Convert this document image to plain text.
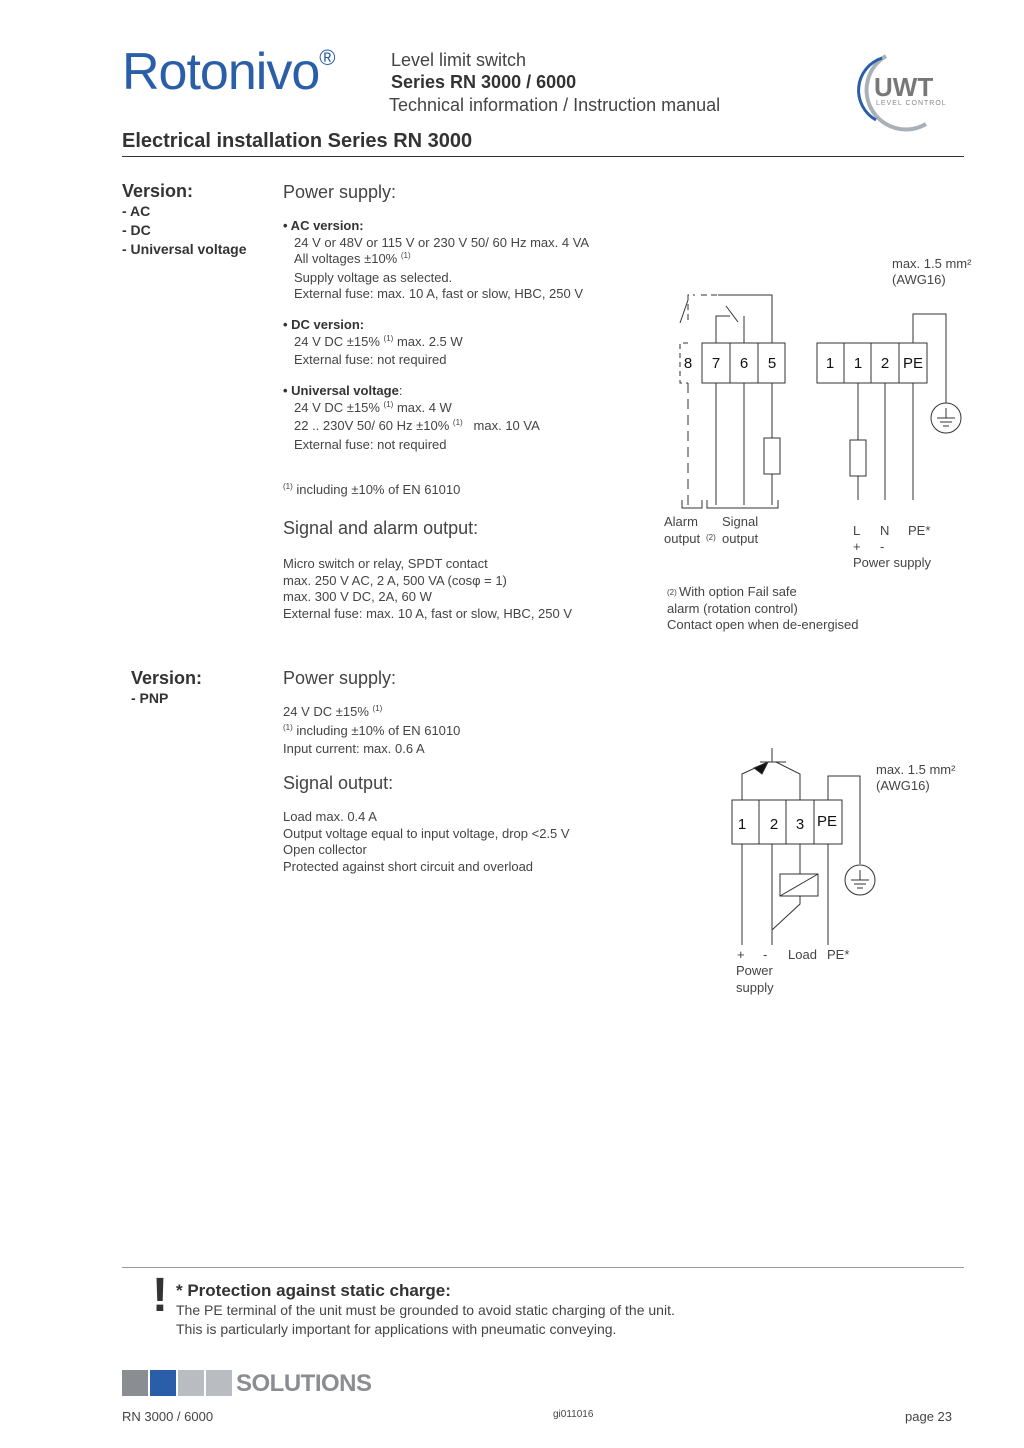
Rotonivo®	Level limit switch
Series RN 3000 / 6000
Technical information / Instruction manual
UWT
LEVEL CONTROL
Electrical installation Series RN 3000
Version:
- AC
- DC
- Universal voltage
Power supply:
• AC version:
24 V or 48V or 115 V or 230 V 50/ 60 Hz max. 4 VA
All voltages ±10% $^{(1)}$
Supply voltage as selected.
External fuse: max. 10 A, fast or slow, HBC, 250 V
• DC version:
24 V DC ±15% $^{(1)}$ max. 2.5 W
External fuse: not required
• Universal voltage:
24 V DC ±15% $^{(1)}$ max. 4 W
22 .. 230V 50/ 60 Hz ±10% $^{(1)}$ max. 10 VA
External fuse: not required
$^{(1)}$ including ±10% of EN 61010
Signal and alarm output:
Micro switch or relay, SPDT contact
max. 250 V AC, 2 A, 500 VA (cosφ = 1)
max. 300 V DC, 2A, 60 W
External fuse: max. 10 A, fast or slow, HBC, 250 V
8 7 6 5	1 1 2 PE
max. 1.5 mm²
(AWG16)
Alarm
output (2)
Signal
output
L N PE*
+ -
Power supply
(2) With option Fail safe
alarm (rotation control)
Contact open when de-energised
Version:
- PNP
Power supply:
24 V DC ±15% $^{(1)}$
$^{(1)}$ including ±10% of EN 61010
Input current: max. 0.6 A
Signal output:
Load max. 0.4 A
Output voltage equal to input voltage, drop <2.5 V
Open collector
Protected against short circuit and overload
1 2 3 PE
max. 1.5 mm²
(AWG16)
+ - Load PE*
Power
supply
! * Protection against static charge:
The PE terminal of the unit must be grounded to avoid static charging of the unit.
This is particularly important for applications with pneumatic conveying.
SOLUTIONS
RN 3000 / 6000	gi011016	page 23
